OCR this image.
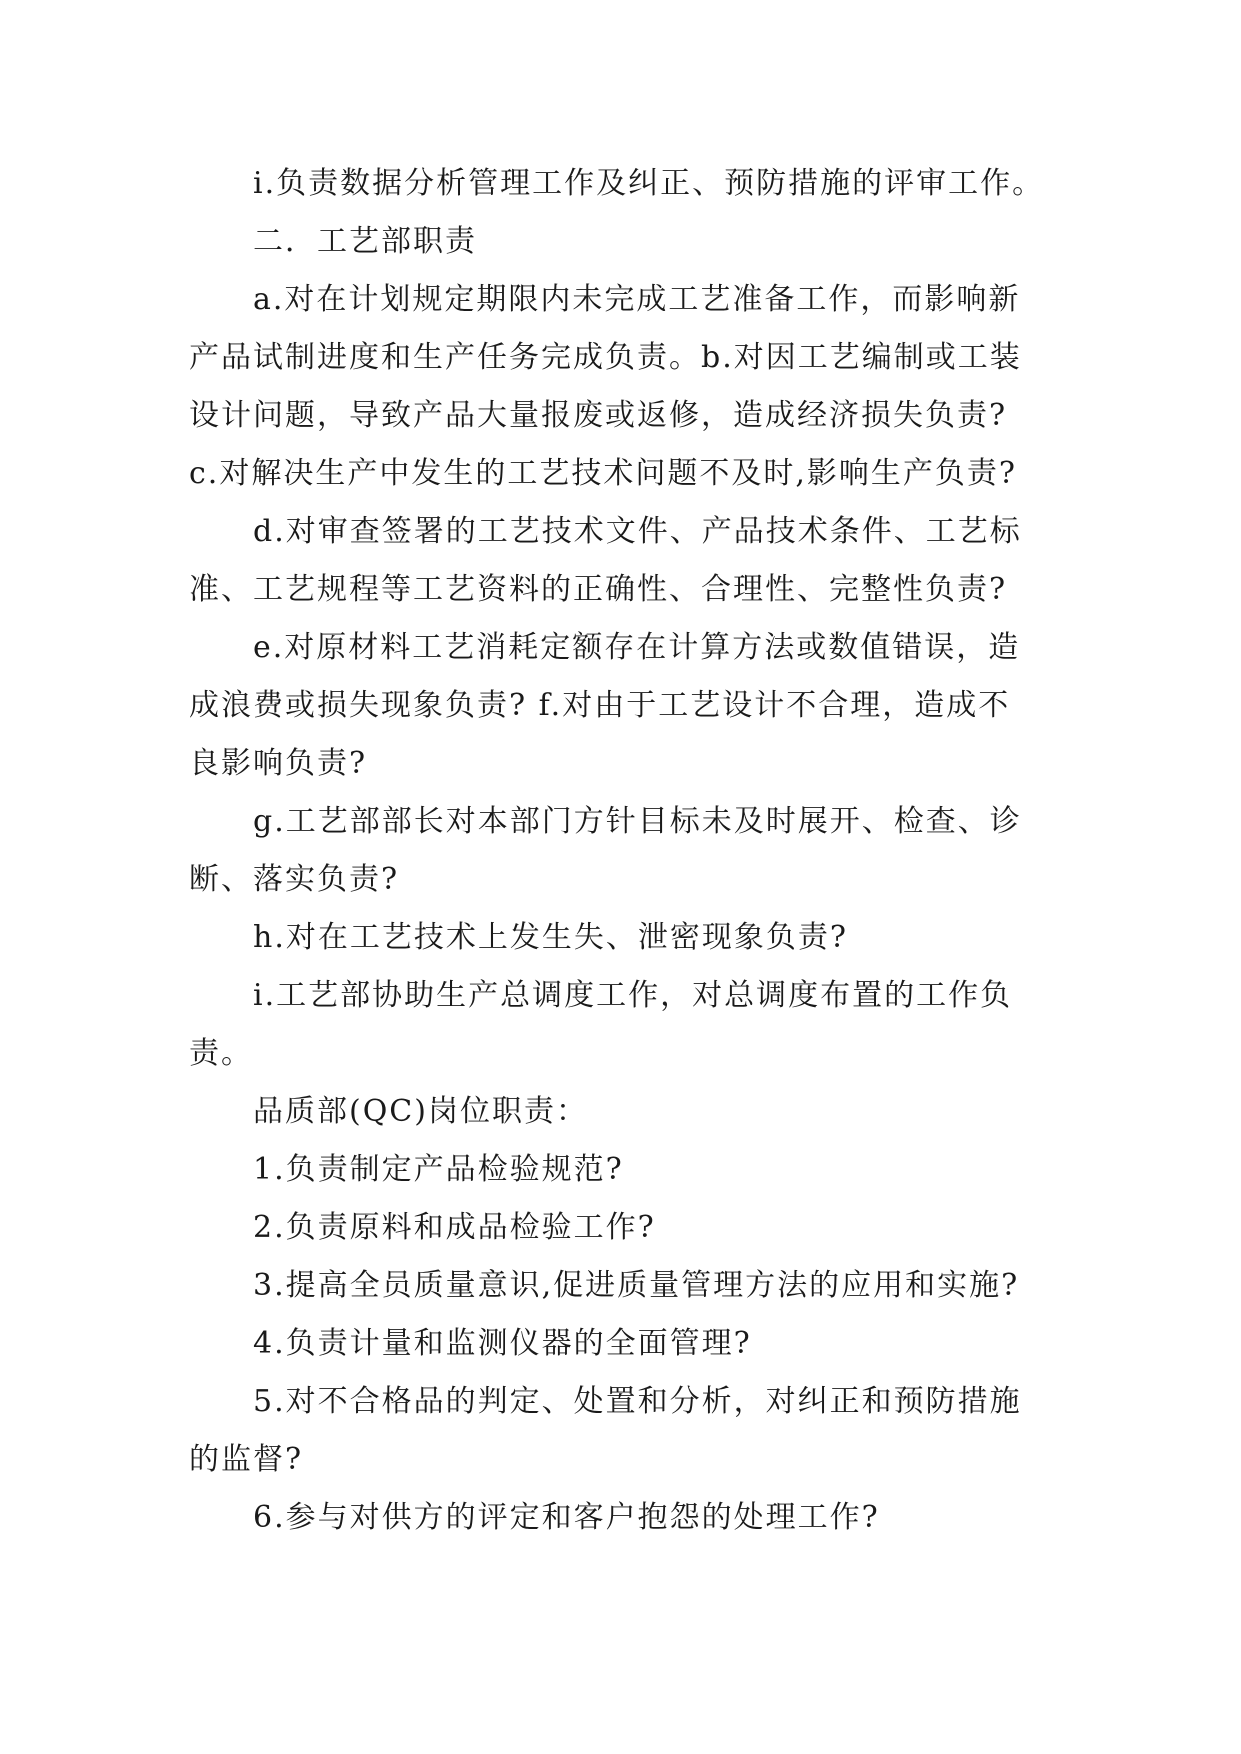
i.负责数据分析管理工作及纠正、预防措施的评审工作。
二．工艺部职责
a.对在计划规定期限内未完成工艺准备工作，而影响新
产品试制进度和生产任务完成负责。b.对因工艺编制或工装
设计问题，导致产品大量报废或返修，造成经济损失负责?
c.对解决生产中发生的工艺技术问题不及时,影响生产负责?
d.对审查签署的工艺技术文件、产品技术条件、工艺标
准、工艺规程等工艺资料的正确性、合理性、完整性负责?
e.对原材料工艺消耗定额存在计算方法或数值错误，造
成浪费或损失现象负责? f.对由于工艺设计不合理，造成不
良影响负责?
g.工艺部部长对本部门方针目标未及时展开、检查、诊
断、落实负责?
h.对在工艺技术上发生失、泄密现象负责?
i.工艺部协助生产总调度工作，对总调度布置的工作负
责。
品质部(QC)岗位职责：
1.负责制定产品检验规范?
2.负责原料和成品检验工作?
3.提高全员质量意识,促进质量管理方法的应用和实施?
4.负责计量和监测仪器的全面管理?
5.对不合格品的判定、处置和分析，对纠正和预防措施
的监督?
6.参与对供方的评定和客户抱怨的处理工作?
